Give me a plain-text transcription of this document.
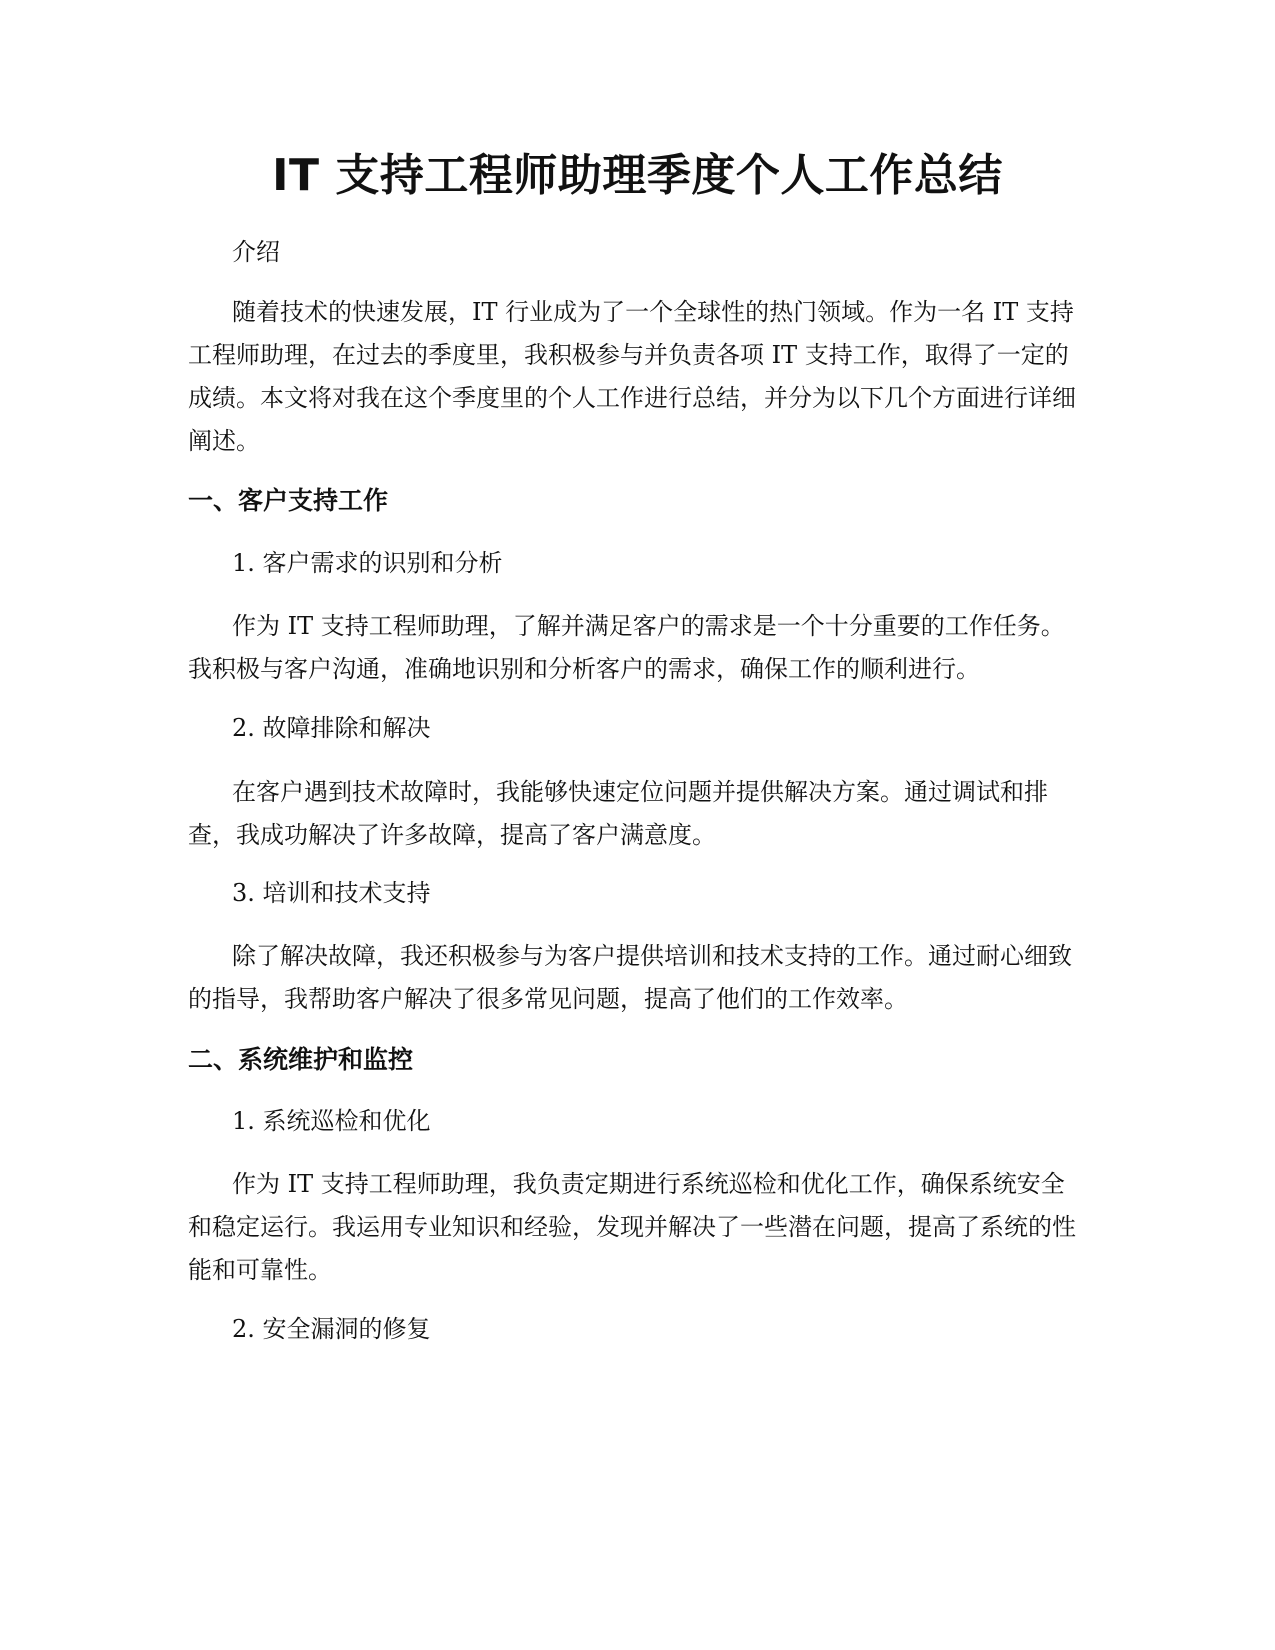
IT 支持工程师助理季度个人工作总结

介绍

随着技术的快速发展，IT 行业成为了一个全球性的热门领域。作为一名 IT 支持工程师助理，在过去的季度里，我积极参与并负责各项 IT 支持工作，取得了一定的成绩。本文将对我在这个季度里的个人工作进行总结，并分为以下几个方面进行详细阐述。

一、客户支持工作

1. 客户需求的识别和分析

作为 IT 支持工程师助理，了解并满足客户的需求是一个十分重要的工作任务。我积极与客户沟通，准确地识别和分析客户的需求，确保工作的顺利进行。

2. 故障排除和解决

在客户遇到技术故障时，我能够快速定位问题并提供解决方案。通过调试和排查，我成功解决了许多故障，提高了客户满意度。

3. 培训和技术支持

除了解决故障，我还积极参与为客户提供培训和技术支持的工作。通过耐心细致的指导，我帮助客户解决了很多常见问题，提高了他们的工作效率。

二、系统维护和监控

1. 系统巡检和优化

作为 IT 支持工程师助理，我负责定期进行系统巡检和优化工作，确保系统安全和稳定运行。我运用专业知识和经验，发现并解决了一些潜在问题，提高了系统的性能和可靠性。

2. 安全漏洞的修复
